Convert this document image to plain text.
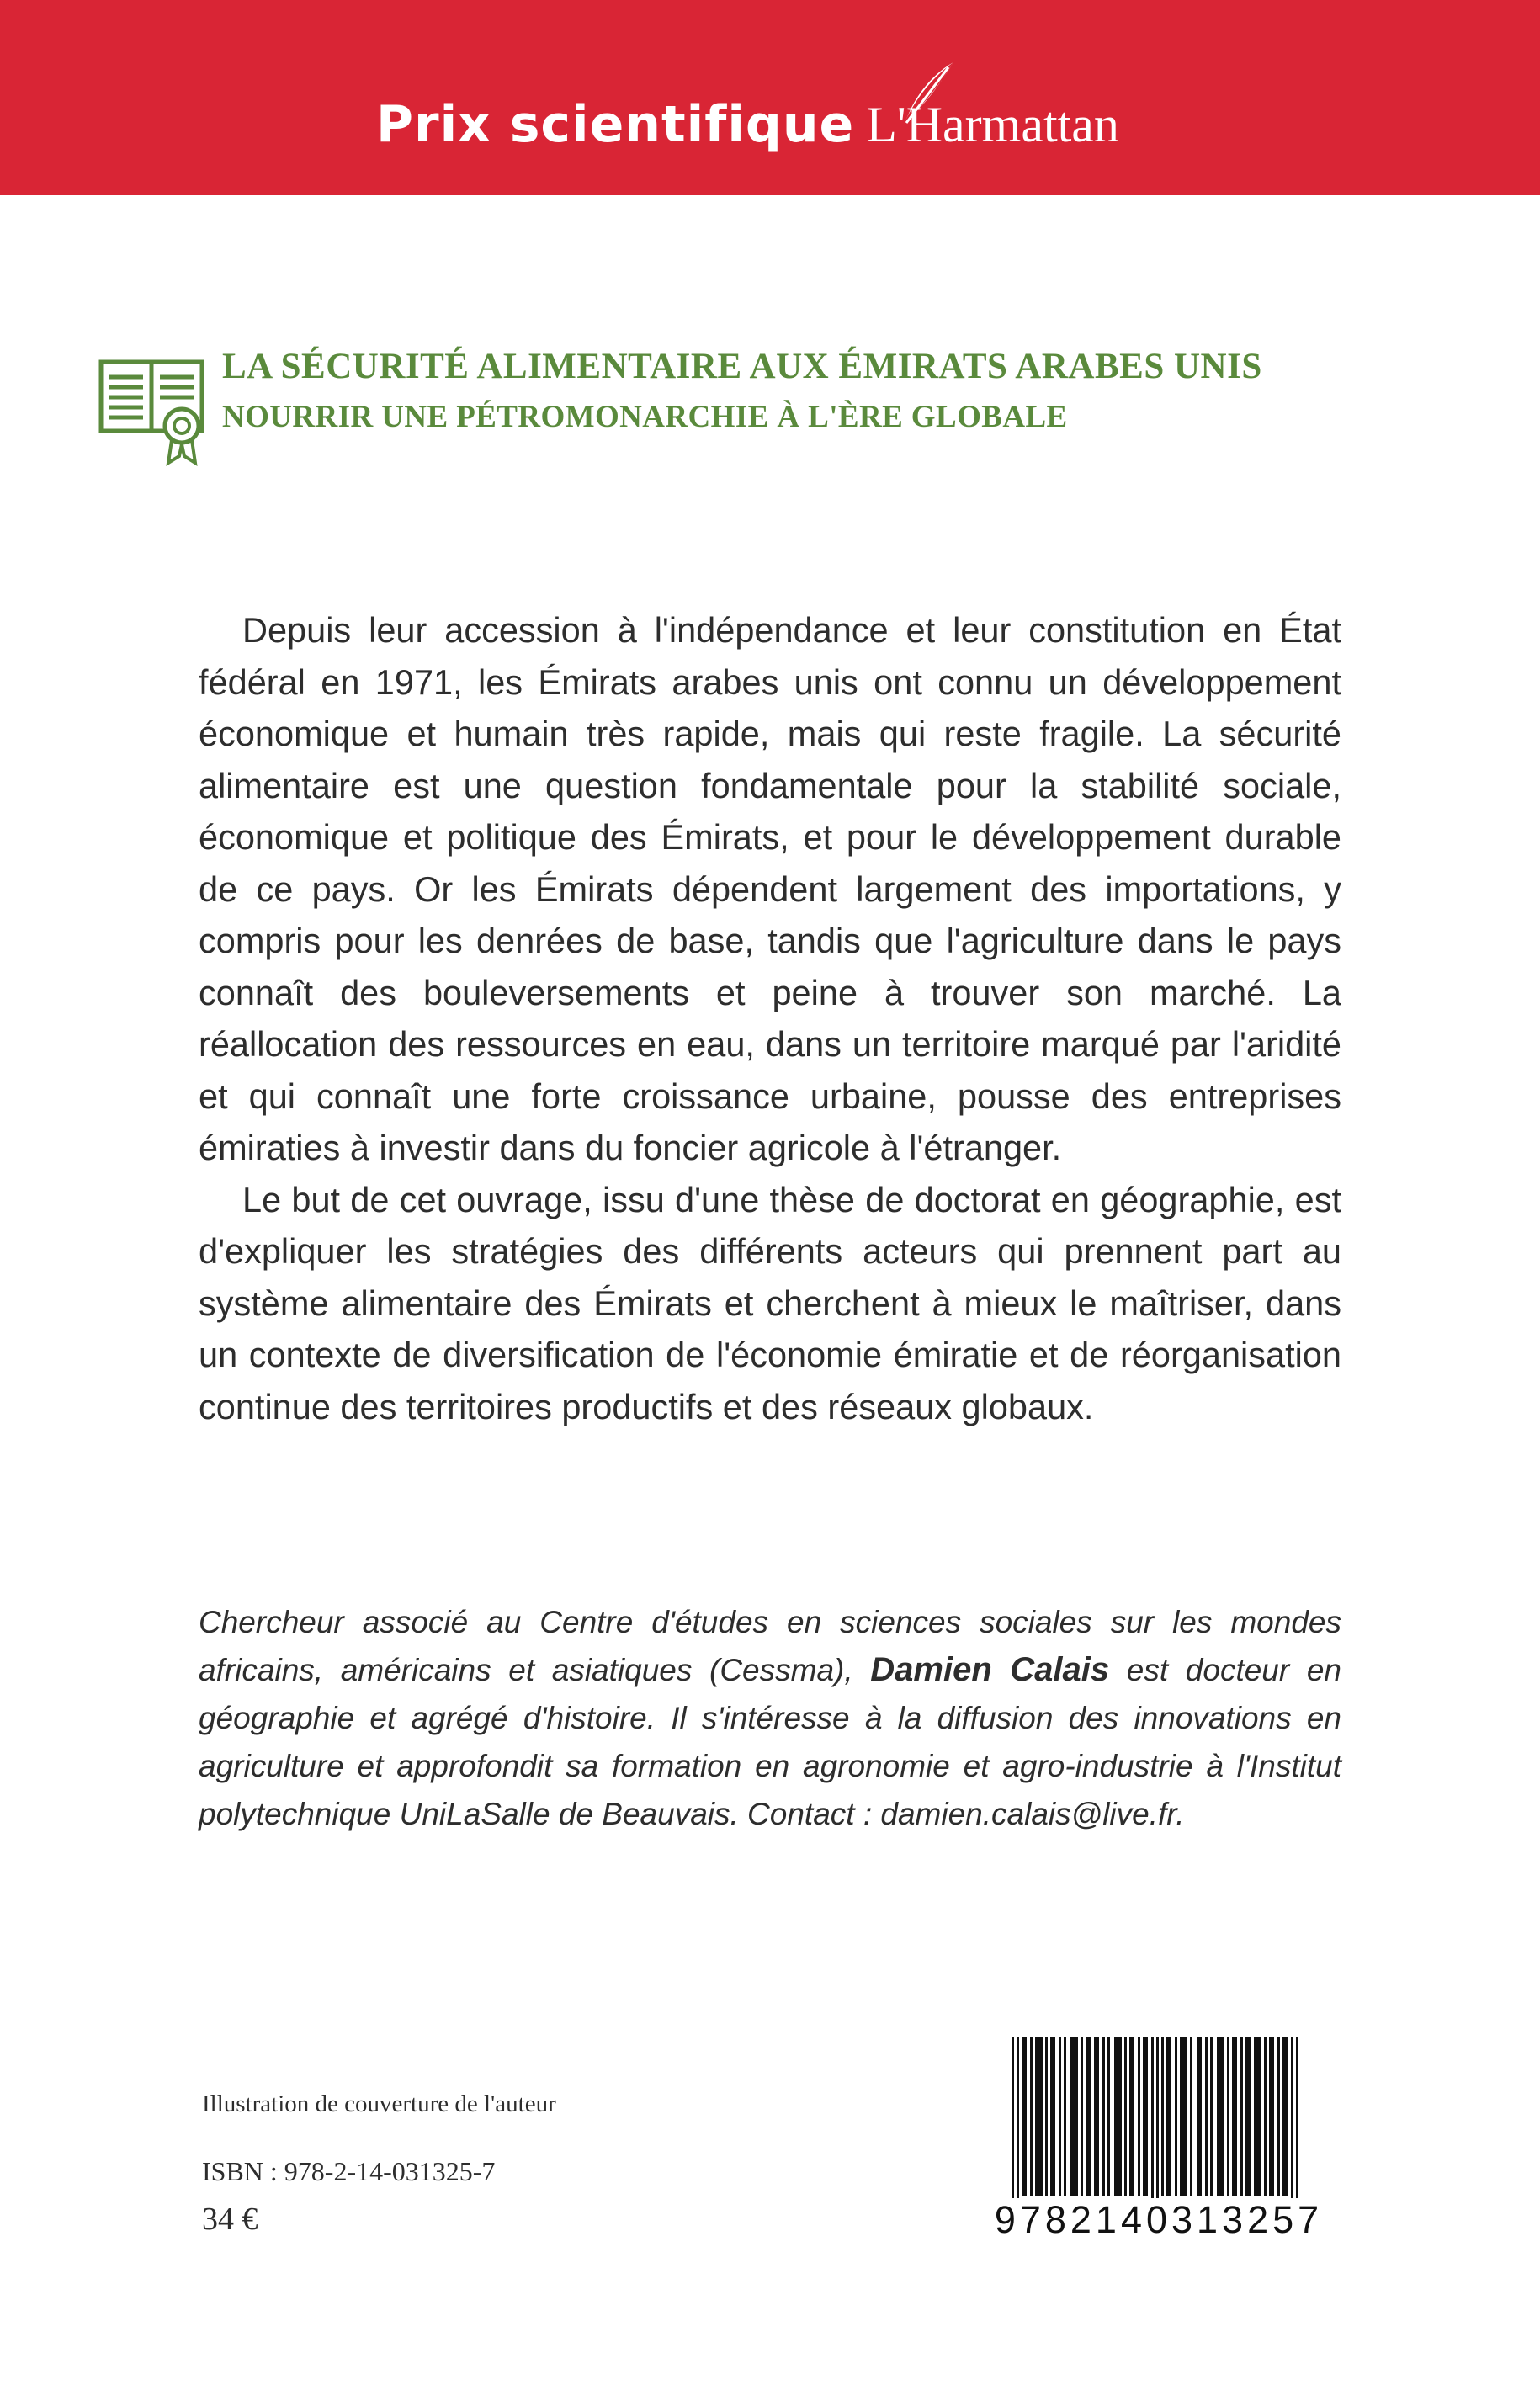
Prix scientifique L'Harmattan
LA SÉCURITÉ ALIMENTAIRE AUX ÉMIRATS ARABES UNIS
NOURRIR UNE PÉTROMONARCHIE À L'ÈRE GLOBALE

Depuis leur accession à l'indépendance et leur constitution en État fédéral en 1971, les Émirats arabes unis ont connu un développement économique et humain très rapide, mais qui reste fragile. La sécurité alimentaire est une question fondamentale pour la stabilité sociale, économique et politique des Émirats, et pour le développement durable de ce pays. Or les Émirats dépendent largement des importations, y compris pour les denrées de base, tandis que l'agriculture dans le pays connaît des bouleversements et peine à trouver son marché. La réallocation des ressources en eau, dans un territoire marqué par l'aridité et qui connaît une forte croissance urbaine, pousse des entreprises émiraties à investir dans du foncier agricole à l'étranger.

Le but de cet ouvrage, issu d'une thèse de doctorat en géographie, est d'expliquer les stratégies des différents acteurs qui prennent part au système alimentaire des Émirats et cherchent à mieux le maîtriser, dans un contexte de diversification de l'économie émiratie et de réorganisation continue des territoires productifs et des réseaux globaux.

Chercheur associé au Centre d'études en sciences sociales sur les mondes africains, américains et asiatiques (Cessma), Damien Calais est docteur en géographie et agrégé d'histoire. Il s'intéresse à la diffusion des innovations en agriculture et approfondit sa formation en agronomie et agro-industrie à l'Institut polytechnique UniLaSalle de Beauvais. Contact : damien.calais@live.fr.
Illustration de couverture de l'auteur
ISBN : 978-2-14-031325-7
34 €	9782140313257
